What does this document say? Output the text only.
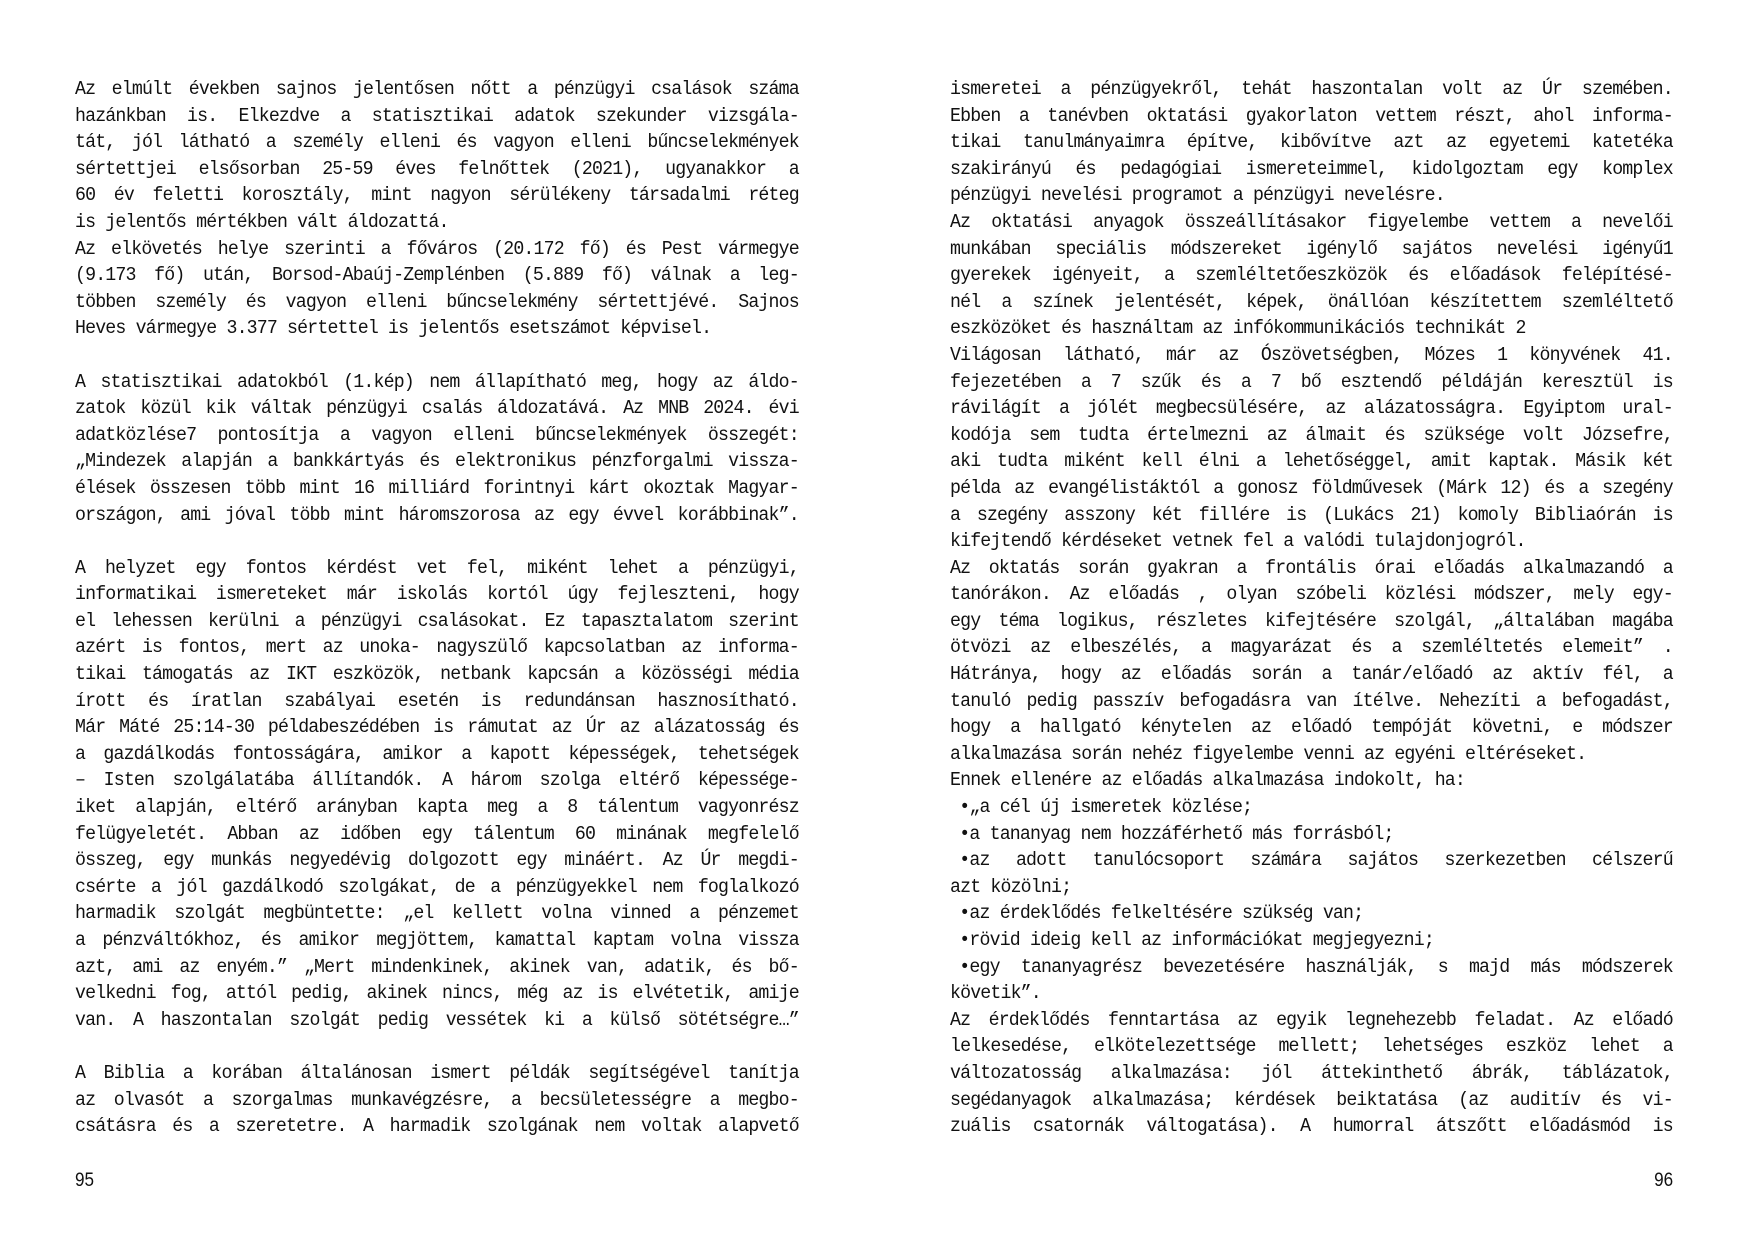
Az elmúlt években sajnos jelentősen nőtt a pénzügyi csalások száma
hazánkban is. Elkezdve a statisztikai adatok szekunder vizsgála-
tát, jól látható a személy elleni és vagyon elleni bűncselekmények
sértettjei elsősorban 25-59 éves felnőttek (2021), ugyanakkor a
60 év feletti korosztály, mint nagyon sérülékeny társadalmi réteg
is jelentős mértékben vált áldozattá.
Az elkövetés helye szerinti a főváros (20.172 fő) és Pest vármegye
(9.173 fő) után, Borsod-Abaúj-Zemplénben (5.889 fő) válnak a leg-
többen személy és vagyon elleni bűncselekmény sértettjévé. Sajnos
Heves vármegye 3.377 sértettel is jelentős esetszámot képvisel.
A statisztikai adatokból (1.kép) nem állapítható meg, hogy az áldo-
zatok közül kik váltak pénzügyi csalás áldozatává. Az MNB 2024. évi
adatközlése7 pontosítja a vagyon elleni bűncselekmények összegét:
„Mindezek alapján a bankkártyás és elektronikus pénzforgalmi vissza-
élések összesen több mint 16 milliárd forintnyi kárt okoztak Magyar-
országon, ami jóval több mint háromszorosa az egy évvel korábbinak”.
A helyzet egy fontos kérdést vet fel, miként lehet a pénzügyi,
informatikai ismereteket már iskolás kortól úgy fejleszteni, hogy
el lehessen kerülni a pénzügyi csalásokat. Ez tapasztalatom szerint
azért is fontos, mert az unoka- nagyszülő kapcsolatban az informa-
tikai támogatás az IKT eszközök, netbank kapcsán a közösségi média
írott és íratlan szabályai esetén is redundánsan hasznosítható.
Már Máté 25:14-30 példabeszédében is rámutat az Úr az alázatosság és
a gazdálkodás fontosságára, amikor a kapott képességek, tehetségek
– Isten szolgálatába állítandók. A három szolga eltérő képessége-
iket alapján, eltérő arányban kapta meg a 8 tálentum vagyonrész
felügyeletét. Abban az időben egy tálentum 60 minának megfelelő
összeg, egy munkás negyedévig dolgozott egy mináért. Az Úr megdi-
csérte a jól gazdálkodó szolgákat, de a pénzügyekkel nem foglalkozó
harmadik szolgát megbüntette: „el kellett volna vinned a pénzemet
a pénzváltókhoz, és amikor megjöttem, kamattal kaptam volna vissza
azt, ami az enyém.” „Mert mindenkinek, akinek van, adatik, és bő-
velkedni fog, attól pedig, akinek nincs, még az is elvétetik, amije
van. A haszontalan szolgát pedig vessétek ki a külső sötétségre…”
A Biblia a korában általánosan ismert példák segítségével tanítja
az olvasót a szorgalmas munkavégzésre, a becsületességre a megbo-
csátásra és a szeretetre. A harmadik szolgának nem voltak alapvető
95
ismeretei a pénzügyekről, tehát haszontalan volt az Úr szemében.
Ebben a tanévben oktatási gyakorlaton vettem részt, ahol informa-
tikai tanulmányaimra építve, kibővítve azt az egyetemi katetéka
szakirányú és pedagógiai ismereteimmel, kidolgoztam egy komplex
pénzügyi nevelési programot a pénzügyi nevelésre.
Az oktatási anyagok összeállításakor figyelembe vettem a nevelői
munkában speciális módszereket igénylő sajátos nevelési igényű1
gyerekek igényeit, a szemléltetőeszközök és előadások felépítésé-
nél a színek jelentését, képek, önállóan készítettem szemléltető
eszközöket és használtam az infókommunikációs technikát 2
Világosan látható, már az Ószövetségben, Mózes 1 könyvének 41.
fejezetében a 7 szűk és a 7 bő esztendő példáján keresztül is
rávilágít a jólét megbecsülésére, az alázatosságra. Egyiptom ural-
kodója sem tudta értelmezni az álmait és szüksége volt Józsefre,
aki tudta miként kell élni a lehetőséggel, amit kaptak. Másik két
példa az evangélistáktól a gonosz földművesek (Márk 12) és a szegény
a szegény asszony két fillére is (Lukács 21) komoly Bibliaórán is
kifejtendő kérdéseket vetnek fel a valódi tulajdonjogról.
Az oktatás során gyakran a frontális órai előadás alkalmazandó a
tanórákon. Az előadás , olyan szóbeli közlési módszer, mely egy-
egy téma logikus, részletes kifejtésére szolgál, „általában magába
ötvözi az elbeszélés, a magyarázat és a szemléltetés elemeit” .
Hátránya, hogy az előadás során a tanár/előadó az aktív fél, a
tanuló pedig passzív befogadásra van ítélve. Nehezíti a befogadást,
hogy a hallgató kénytelen az előadó tempóját követni, e módszer
alkalmazása során nehéz figyelembe venni az egyéni eltéréseket.
Ennek ellenére az előadás alkalmazása indokolt, ha:
•„a cél új ismeretek közlése;
•a tananyag nem hozzáférhető más forrásból;
•az adott tanulócsoport számára sajátos szerkezetben célszerű
azt közölni;
•az érdeklődés felkeltésére szükség van;
•rövid ideig kell az információkat megjegyezni;
•egy tananyagrész bevezetésére használják, s majd más módszerek
követik”.
Az érdeklődés fenntartása az egyik legnehezebb feladat. Az előadó
lelkesedése, elkötelezettsége mellett; lehetséges eszköz lehet a
változatosság alkalmazása: jól áttekinthető ábrák, táblázatok,
segédanyagok alkalmazása; kérdések beiktatása (az auditív és vi-
zuális csatornák váltogatása). A humorral átszőtt előadásmód is
96
